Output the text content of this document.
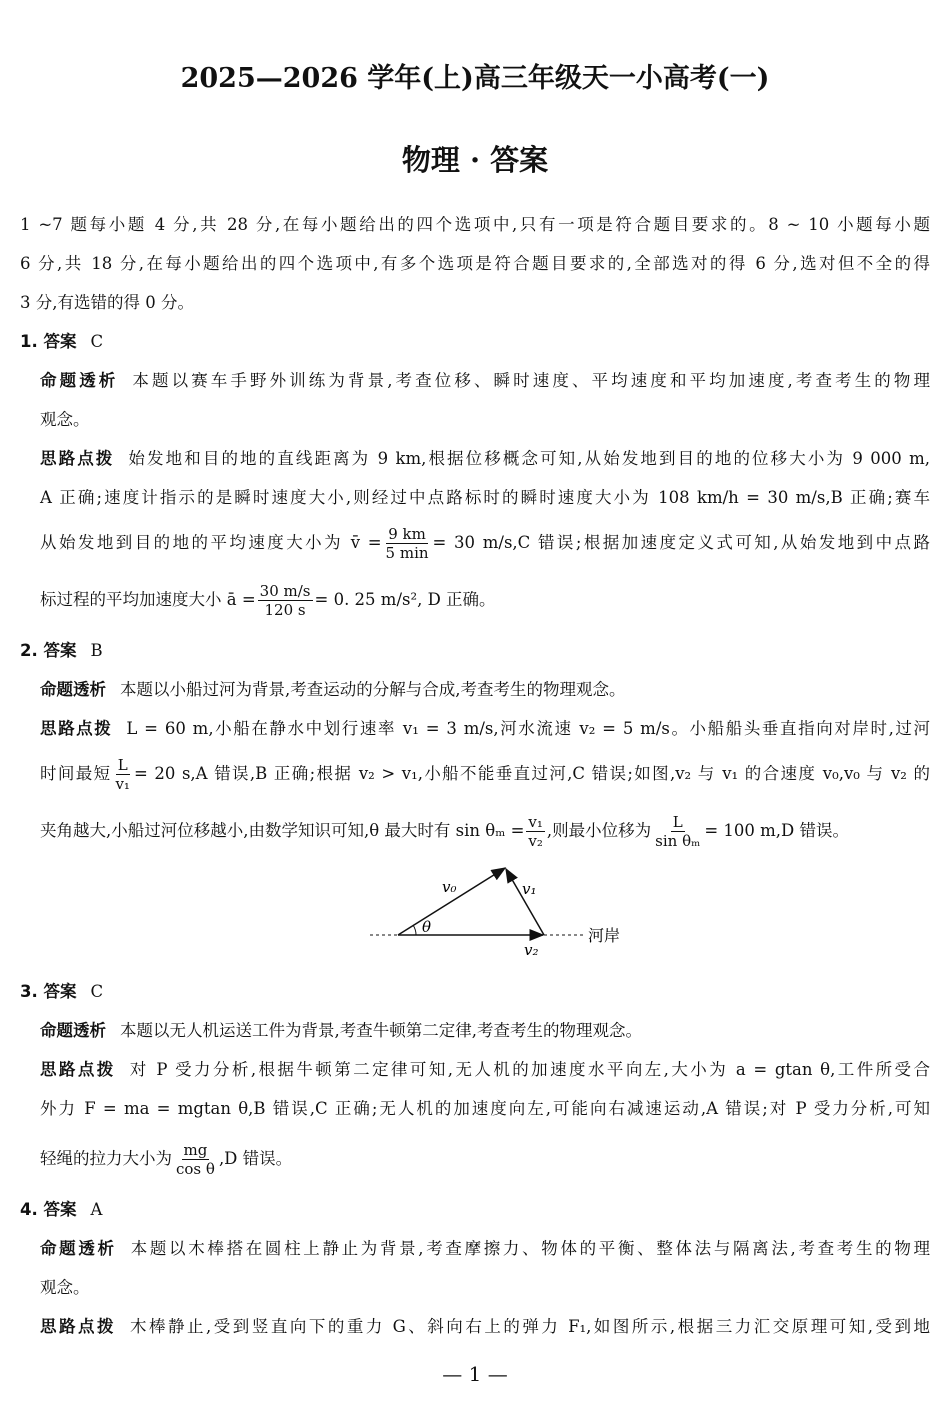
2025—2026 学年(上)高三年级天一小高考(一)
物理 · 答案
1 ~7 题每小题 4 分,共 28 分,在每小题给出的四个选项中,只有一项是符合题目要求的。8 ~ 10 小题每小题
6 分,共 18 分,在每小题给出的四个选项中,有多个选项是符合题目要求的,全部选对的得 6 分,选对但不全的得
3 分,有选错的得 0 分。
1. 答案 C
命题透析 本题以赛车手野外训练为背景,考查位移、瞬时速度、平均速度和平均加速度,考查考生的物理
观念。
思路点拨 始发地和目的地的直线距离为 9 km,根据位移概念可知,从始发地到目的地的位移大小为 9 000 m,
A 正确;速度计指示的是瞬时速度大小,则经过中点路标时的瞬时速度大小为 108 km/h = 30 m/s,B 正确;赛车
从始发地到目的地的平均速度大小为 v̄ = 9 km
5 min
= 30 m/s,C 错误;根据加速度定义式可知,从始发地到中点路
标过程的平均加速度大小 ā = $\frac{30 m/s}{120 s} = 0$. 25 m/s², D 正确。
2. 答案 B
命题透析 本题以小船过河为背景,考查运动的分解与合成,考查考生的物理观念。
思路点拨 L = 60 m,小船在静水中划行速率 v₁ = 3 m/s,河水流速 v₂ = 5 m/s。小船船头垂直指向对岸时,过河
时间最短 $\frac{L}{\text{v₁}} = 20$ s,A 错误,B 正确;根据 v₂ > v₁,小船不能垂直过河,C 错误;如图,v₂ 与 v₁ 的合速度 v₀,v₀ 与 v₂ 的
夹角越大,小船过河位移越小,由数学知识可知,θ 最大时有 $\sin \theta_m = \frac{\text{v₁}}{\text{v₂}}$ ,则最小位移为 $\frac{L}{\text{sin θₘ}} = 100$ m,D 错误。
v₀	v₁
v₂
θ	河岸
3. 答案 C
命题透析 本题以无人机运送工件为背景,考查牛顿第二定律,考查考生的物理观念。
思路点拨 对 P 受力分析,根据牛顿第二定律可知,无人机的加速度水平向左,大小为 a = gtan θ,工件所受合
外力 F = ma = mgtan θ,B 错误,C 正确;无人机的加速度向左,可能向右减速运动,A 错误;对 P 受力分析,可知
轻绳的拉力大小为 $\frac{mg}{\text{cos θ}} ,D$ 错误。
4. 答案 A
命题透析 本题以木棒搭在圆柱上静止为背景,考查摩擦力、物体的平衡、整体法与隔离法,考查考生的物理
观念。
思路点拨 木棒静止,受到竖直向下的重力 G、斜向右上的弹力 F₁,如图所示,根据三力汇交原理可知,受到地
— 1 —
